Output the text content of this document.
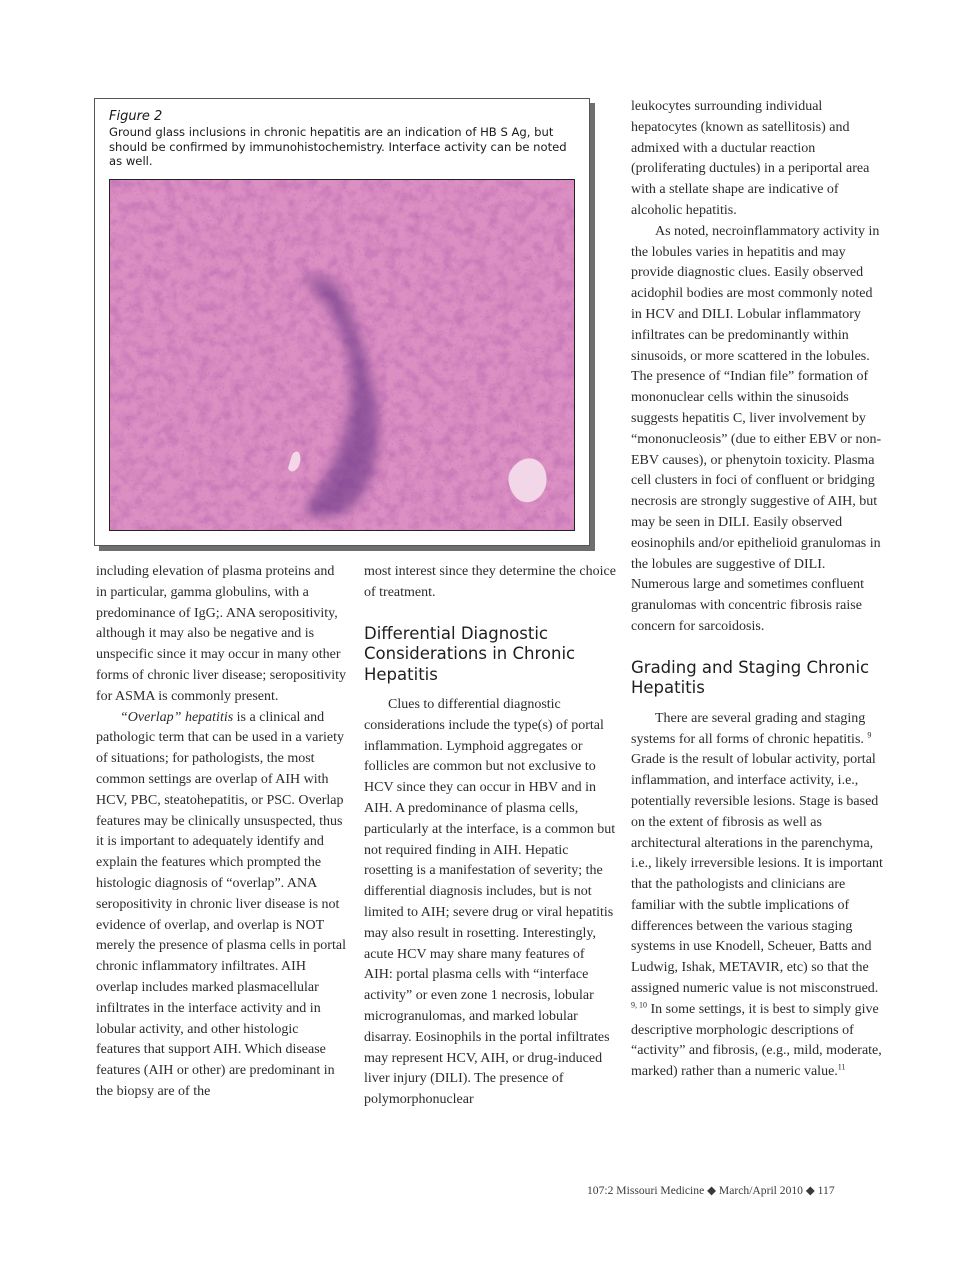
Figure 2

Ground glass inclusions in chronic hepatitis are an indication of HB S Ag, but should be confirmed by immunohistochemistry. Interface activity can be noted as well.

including elevation of plasma proteins and in particular, gamma globulins, with a predominance of IgG;. ANA seropositivity, although it may also be negative and is unspecific since it may occur in many other forms of chronic liver disease; seropositivity for ASMA is commonly present.

“Overlap” hepatitis is a clinical and pathologic term that can be used in a variety of situations; for pathologists, the most common settings are overlap of AIH with HCV, PBC, steatohepatitis, or PSC. Overlap features may be clinically unsuspected, thus it is important to adequately identify and explain the features which prompted the histologic diagnosis of “overlap”. ANA seropositivity in chronic liver disease is not evidence of overlap, and overlap is NOT merely the presence of plasma cells in portal chronic inflammatory infiltrates. AIH overlap includes marked plasmacellular infiltrates in the interface activity and in lobular activity, and other histologic features that support AIH. Which disease features (AIH or other) are predominant in the biopsy are of the

most interest since they determine the choice of treatment.

Differential Diagnostic Considerations in Chronic Hepatitis

Clues to differential diagnostic considerations include the type(s) of portal inflammation. Lymphoid aggregates or follicles are common but not exclusive to HCV since they can occur in HBV and in AIH. A predominance of plasma cells, particularly at the interface, is a common but not required finding in AIH. Hepatic rosetting is a manifestation of severity; the differential diagnosis includes, but is not limited to AIH; severe drug or viral hepatitis may also result in rosetting. Interestingly, acute HCV may share many features of AIH: portal plasma cells with “interface activity” or even zone 1 necrosis, lobular microgranulomas, and marked lobular disarray. Eosinophils in the portal infiltrates may represent HCV, AIH, or drug-induced liver injury (DILI). The presence of polymorphonuclear

leukocytes surrounding individual hepatocytes (known as satellitosis) and admixed with a ductular reaction (proliferating ductules) in a periportal area with a stellate shape are indicative of alcoholic hepatitis.

As noted, necroinflammatory activity in the lobules varies in hepatitis and may provide diagnostic clues. Easily observed acidophil bodies are most commonly noted in HCV and DILI. Lobular inflammatory infiltrates can be predominantly within sinusoids, or more scattered in the lobules. The presence of “Indian file” formation of mononuclear cells within the sinusoids suggests hepatitis C, liver involvement by “mononucleosis” (due to either EBV or non-EBV causes), or phenytoin toxicity. Plasma cell clusters in foci of confluent or bridging necrosis are strongly suggestive of AIH, but may be seen in DILI. Easily observed eosinophils and/or epithelioid granulomas in the lobules are suggestive of DILI. Numerous large and sometimes confluent granulomas with concentric fibrosis raise concern for sarcoidosis.

Grading and Staging Chronic Hepatitis

There are several grading and staging systems for all forms of chronic hepatitis. $^9$ Grade is the result of lobular activity, portal inflammation, and interface activity, i.e., potentially reversible lesions. Stage is based on the extent of fibrosis as well as architectural alterations in the parenchyma, i.e., likely irreversible lesions. It is important that the pathologists and clinicians are familiar with the subtle implications of differences between the various staging systems in use Knodell, Scheuer, Batts and Ludwig, Ishak, METAVIR, etc) so that the assigned numeric value is not misconstrued. $^{9, 10}$ In some settings, it is best to simply give descriptive morphologic descriptions of “activity” and fibrosis, (e.g., mild, moderate, marked) rather than a numeric value.$^{11}$

107:2 Missouri Medicine ◆ March/April 2010 ◆ 117
